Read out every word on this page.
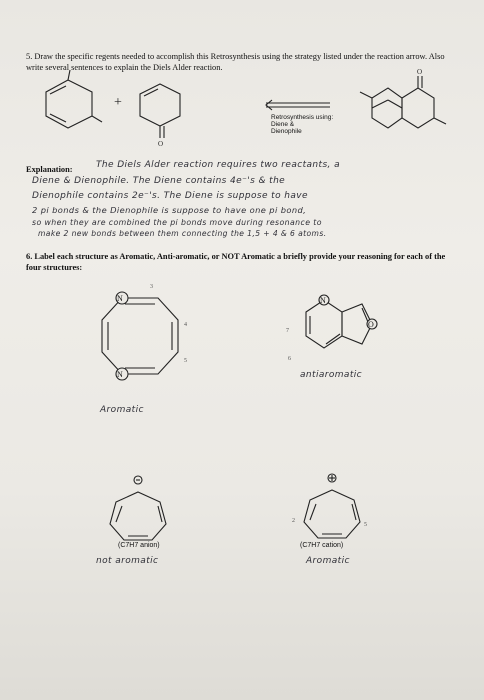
5. Draw the specific regents needed to accomplish this Retrosynthesis using the strategy listed under the reaction arrow. Also write several sentences to explain the Diels Alder reaction.
+
O
Retrosynthesis using:
Diene &
Dienophile
O
Explanation:	The Diels Alder reaction requires two reactants, a
Diene & Dienophile. The Diene contains 4e⁻'s & the
Dienophile contains 2e⁻'s. The Diene is suppose to have
2 pi bonds & the Dienophile is suppose to have one pi bond,
so when they are combined the pi bonds move during resonance to
make 2 new bonds between them connecting the 1,5 + 4 & 6 atoms.
6. Label each structure as Aromatic, Anti-aromatic, or NOT Aromatic a briefly provide your reasoning for each of the four structures:
N
N
3
4
5
Aromatic
N
O
7
6
antiaromatic
(C7H7 anion)
not aromatic
2
5
(C7H7 cation)
Aromatic
